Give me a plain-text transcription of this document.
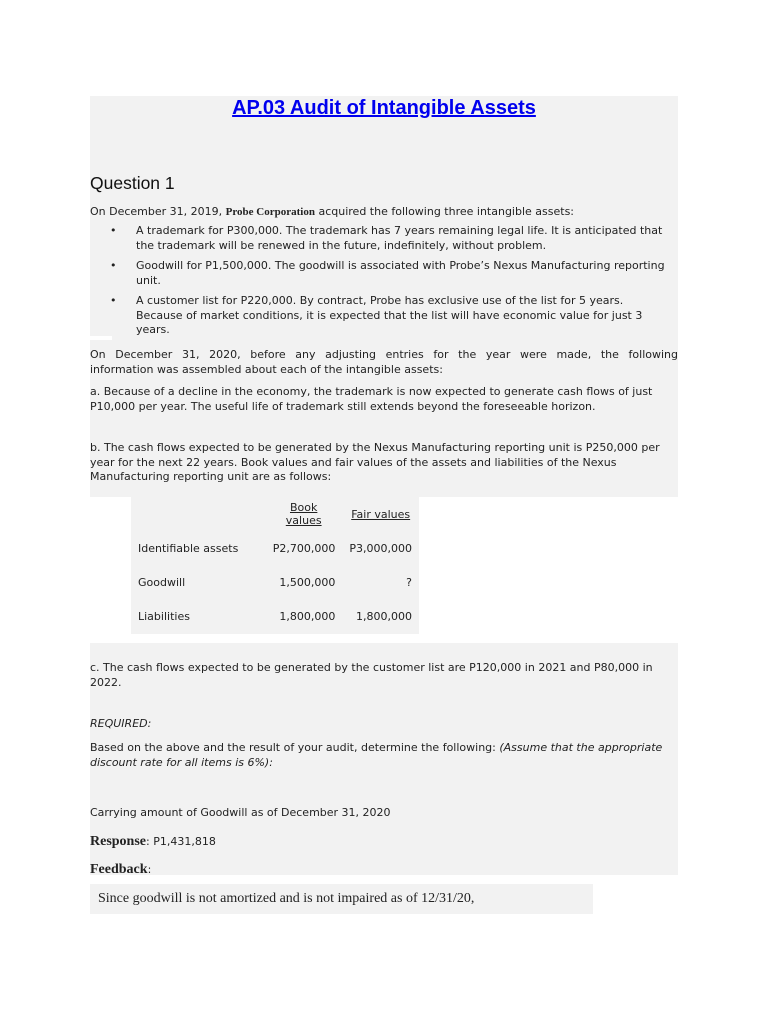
AP.03 Audit of Intangible Assets
Question 1
On December 31, 2019, Probe Corporation acquired the following three intangible assets:
• A trademark for P300,000. The trademark has 7 years remaining legal life. It is anticipated that the trademark will be renewed in the future, indefinitely, without problem.
• Goodwill for P1,500,000. The goodwill is associated with Probe’s Nexus Manufacturing reporting unit.
• A customer list for P220,000. By contract, Probe has exclusive use of the list for 5 years. Because of market conditions, it is expected that the list will have economic value for just 3 years.
On December 31, 2020, before any adjusting entries for the year were made, the following
information was assembled about each of the intangible assets:
a. Because of a decline in the economy, the trademark is now expected to generate cash flows of just P10,000 per year. The useful life of trademark still extends beyond the foreseeable horizon.
b. The cash flows expected to be generated by the Nexus Manufacturing reporting unit is P250,000 per year for the next 22 years. Book values and fair values of the assets and liabilities of the Nexus Manufacturing reporting unit are as follows:
	Book values	Fair values
Identifiable assets	P2,700,000	P3,000,000
Goodwill	1,500,000	?
Liabilities	1,800,000	1,800,000
c. The cash flows expected to be generated by the customer list are P120,000 in 2021 and P80,000 in 2022.
REQUIRED:
Based on the above and the result of your audit, determine the following: (Assume that the appropriate discount rate for all items is 6%):
Carrying amount of Goodwill as of December 31, 2020
Response: P1,431,818
Feedback:
Since goodwill is not amortized and is not impaired as of 12/31/20,
